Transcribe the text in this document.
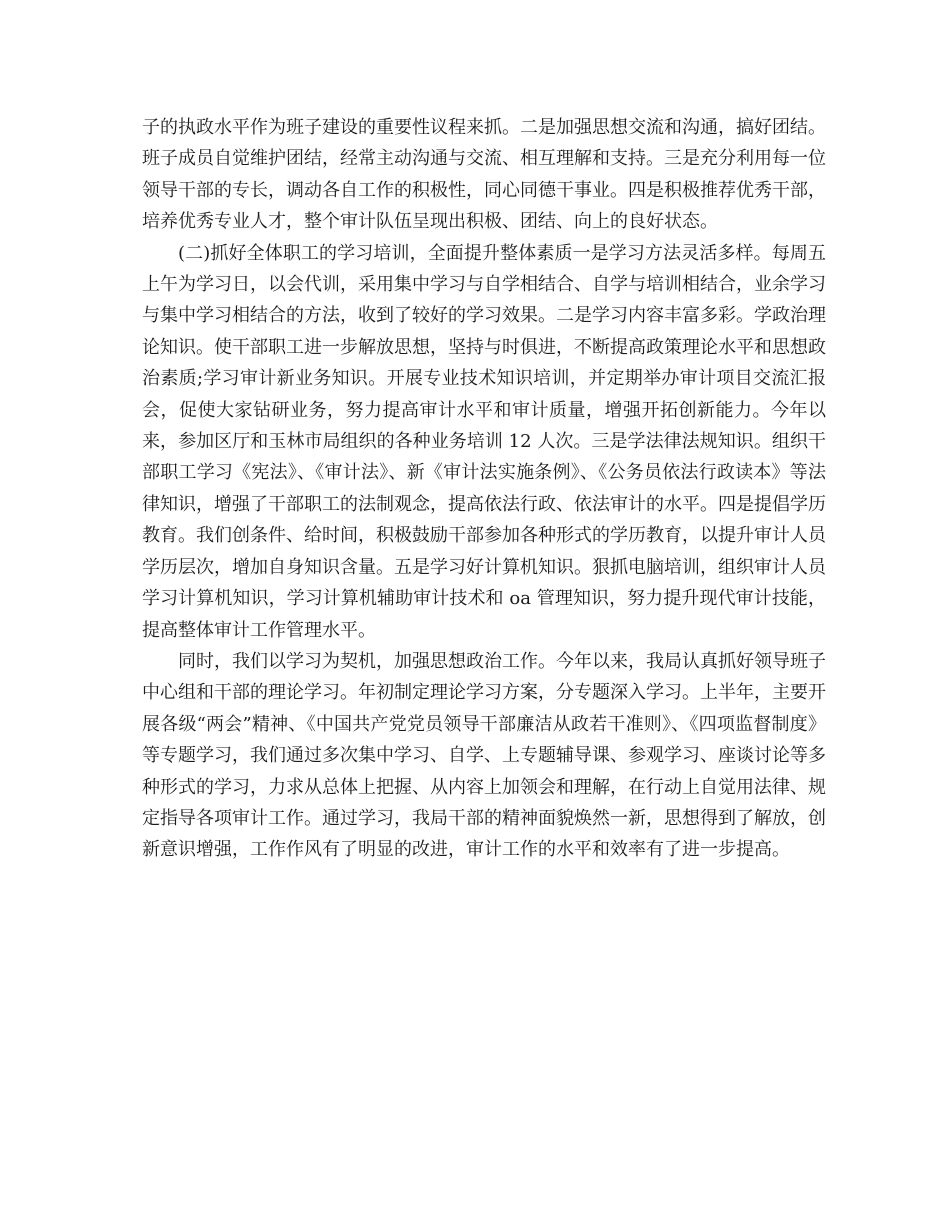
子的执政水平作为班子建设的重要性议程来抓。二是加强思想交流和沟通，搞好团结。班子成员自觉维护团结，经常主动沟通与交流、相互理解和支持。三是充分利用每一位领导干部的专长，调动各自工作的积极性，同心同德干事业。四是积极推荐优秀干部，培养优秀专业人才，整个审计队伍呈现出积极、团结、向上的良好状态。

(二)抓好全体职工的学习培训，全面提升整体素质一是学习方法灵活多样。每周五上午为学习日，以会代训，采用集中学习与自学相结合、自学与培训相结合，业余学习与集中学习相结合的方法，收到了较好的学习效果。二是学习内容丰富多彩。学政治理论知识。使干部职工进一步解放思想，坚持与时俱进，不断提高政策理论水平和思想政治素质;学习审计新业务知识。开展专业技术知识培训，并定期举办审计项目交流汇报会，促使大家钻研业务，努力提高审计水平和审计质量，增强开拓创新能力。今年以来，参加区厅和玉林市局组织的各种业务培训 12 人次。三是学法律法规知识。组织干部职工学习《宪法》、《审计法》、新《审计法实施条例》、《公务员依法行政读本》等法律知识，增强了干部职工的法制观念，提高依法行政、依法审计的水平。四是提倡学历教育。我们创条件、给时间，积极鼓励干部参加各种形式的学历教育，以提升审计人员学历层次，增加自身知识含量。五是学习好计算机知识。狠抓电脑培训，组织审计人员学习计算机知识，学习计算机辅助审计技术和 oa 管理知识，努力提升现代审计技能，提高整体审计工作管理水平。

同时，我们以学习为契机，加强思想政治工作。今年以来，我局认真抓好领导班子中心组和干部的理论学习。年初制定理论学习方案，分专题深入学习。上半年，主要开展各级“两会”精神、《中国共产党党员领导干部廉洁从政若干准则》、《四项监督制度》等专题学习，我们通过多次集中学习、自学、上专题辅导课、参观学习、座谈讨论等多种形式的学习，力求从总体上把握、从内容上加领会和理解，在行动上自觉用法律、规定指导各项审计工作。通过学习，我局干部的精神面貌焕然一新，思想得到了解放，创新意识增强，工作作风有了明显的改进，审计工作的水平和效率有了进一步提高。
